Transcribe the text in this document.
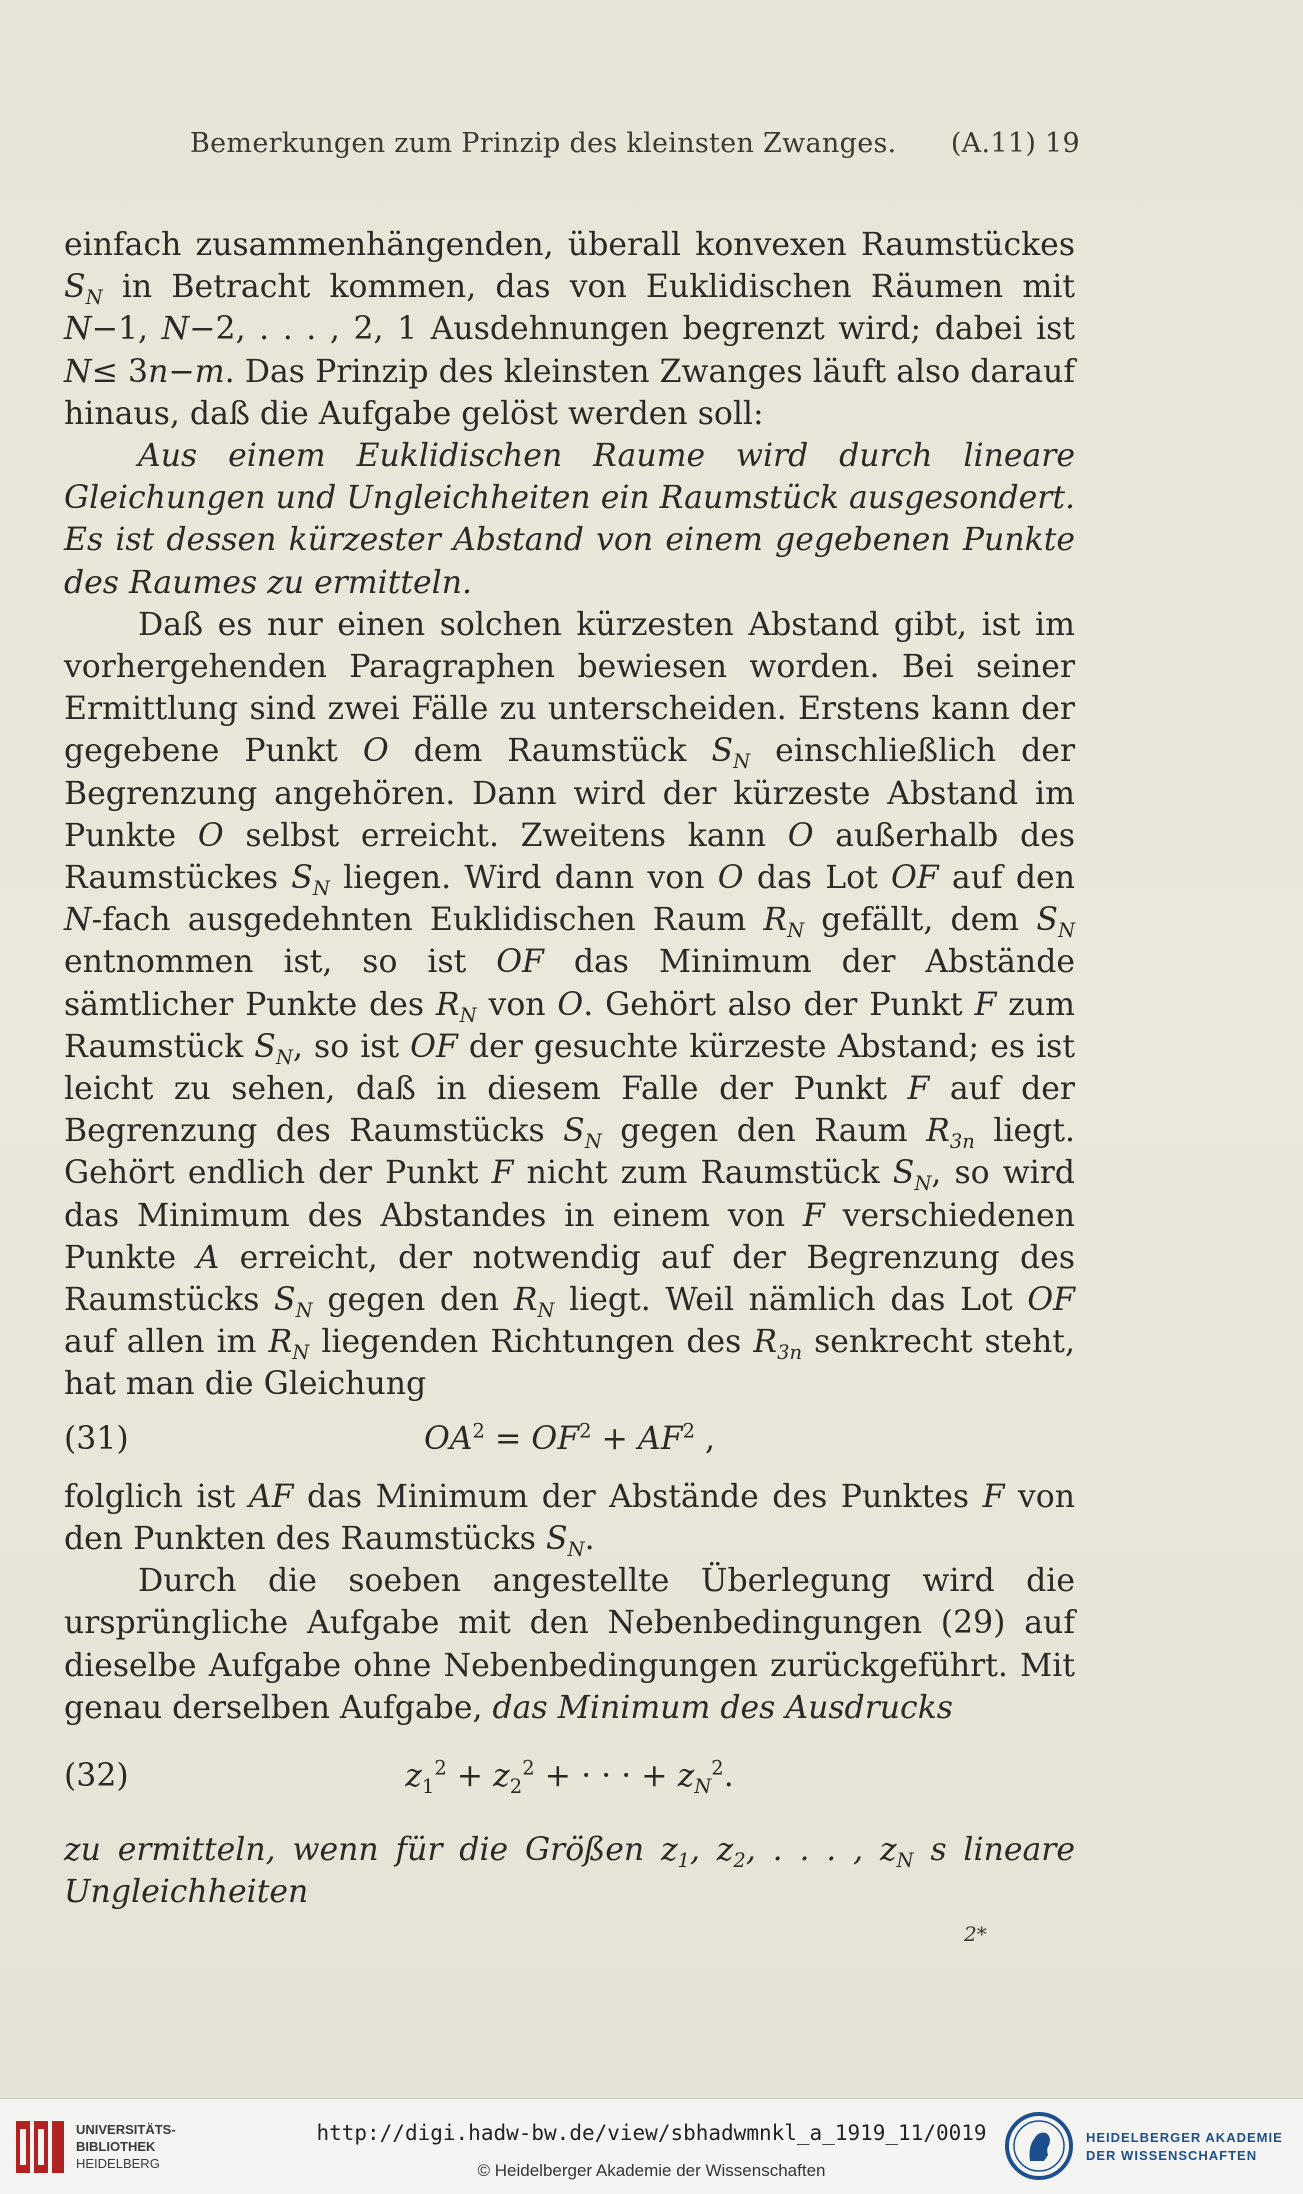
Bemerkungen zum Prinzip des kleinsten Zwanges. (A.11) 19

einfach zusammenhängenden, überall konvexen Raumstückes $S_N$ in Betracht kommen, das von Euklidischen Räumen mit N−1, N−2, . . . , 2, 1 Ausdehnungen begrenzt wird; dabei ist N≤ 3n−m. Das Prinzip des kleinsten Zwanges läuft also darauf hinaus, daß die Aufgabe gelöst werden soll:

Aus einem Euklidischen Raume wird durch lineare Gleichungen und Ungleichheiten ein Raumstück ausgesondert. Es ist dessen kürzester Abstand von einem gegebenen Punkte des Raumes zu ermitteln.

Daß es nur einen solchen kürzesten Abstand gibt, ist im vorhergehenden Paragraphen bewiesen worden. Bei seiner Ermittlung sind zwei Fälle zu unterscheiden. Erstens kann der gegebene Punkt O dem Raumstück $S_N$ einschließlich der Begrenzung angehören. Dann wird der kürzeste Abstand im Punkte O selbst erreicht. Zweitens kann O außerhalb des Raumstückes $S_N$ liegen. Wird dann von O das Lot OF auf den N-fach ausgedehnten Euklidischen Raum $R_N$ gefällt, dem $S_N$ entnommen ist, so ist OF das Minimum der Abstände sämtlicher Punkte des $R_N$ von O. Gehört also der Punkt F zum Raumstück $S_N$, so ist OF der gesuchte kürzeste Abstand; es ist leicht zu sehen, daß in diesem Falle der Punkt F auf der Begrenzung des Raumstücks $S_N$ gegen den Raum $R_{3n}$ liegt. Gehört endlich der Punkt F nicht zum Raumstück $S_N$, so wird das Minimum des Abstandes in einem von F verschiedenen Punkte A erreicht, der notwendig auf der Begrenzung des Raumstücks $S_N$ gegen den $R_N$ liegt. Weil nämlich das Lot OF auf allen im $R_N$ liegenden Richtungen des $R_{3n}$ senkrecht steht, hat man die Gleichung

(31)	$OA^2 = OF^2 + AF^2$ ,

folglich ist AF das Minimum der Abstände des Punktes F von den Punkten des Raumstücks $S_N$.

Durch die soeben angestellte Überlegung wird die ursprüngliche Aufgabe mit den Nebenbedingungen (29) auf dieselbe Aufgabe ohne Nebenbedingungen zurückgeführt. Mit genau derselben Aufgabe, das Minimum des Ausdrucks

(32)	$z_1^2 + z_2^2$ + · · · + $z_N^2$.

zu ermitteln, wenn für die Größen $z_1$, $z_2$, . . . , $z_N$ s lineare Ungleichheiten

2*
UNIVERSITÄTS-
BIBLIOTHEK
HEIDELBERG
http://digi.hadw-bw.de/view/sbhadwmnkl_a_1919_11/0019
© Heidelberger Akademie der Wissenschaften
HEIDELBERGER AKADEMIE
DER WISSENSCHAFTEN
